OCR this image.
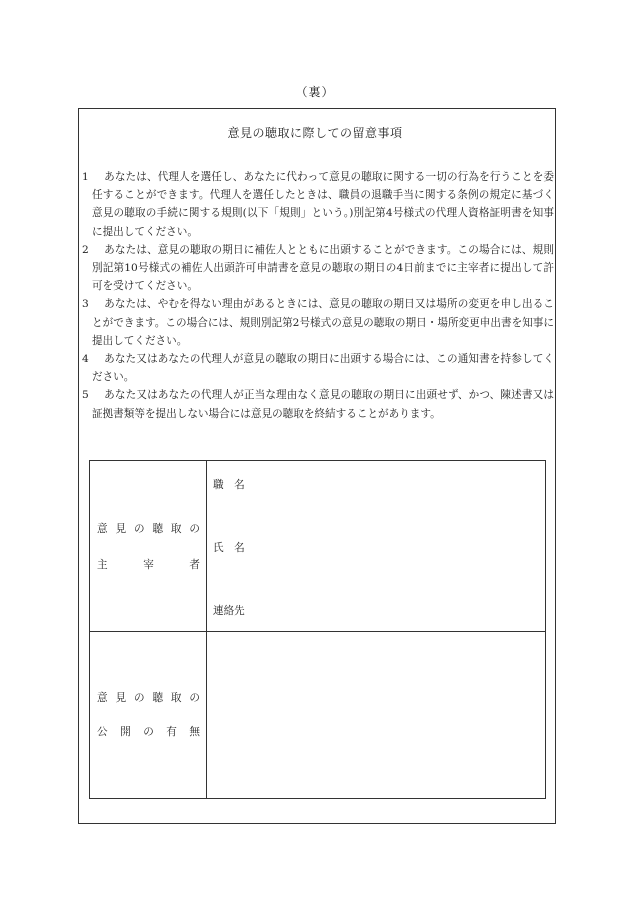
（裏）
意見の聴取に際しての留意事項
1 あなたは、代理人を選任し、あなたに代わって意見の聴取に関する一切の行為を行うことを委任することができます。代理人を選任したときは、職員の退職手当に関する条例の規定に基づく意見の聴取の手続に関する規則(以下「規則」という。)別記第4号様式の代理人資格証明書を知事に提出してください。
2 あなたは、意見の聴取の期日に補佐人とともに出頭することができます。この場合には、規則別記第10号様式の補佐人出頭許可申請書を意見の聴取の期日の4日前までに主宰者に提出して許可を受けてください。
3 あなたは、やむを得ない理由があるときには、意見の聴取の期日又は場所の変更を申し出ることができます。この場合には、規則別記第2号様式の意見の聴取の期日・場所変更申出書を知事に提出してください。
4 あなた又はあなたの代理人が意見の聴取の期日に出頭する場合には、この通知書を持参してください。
5 あなた又はあなたの代理人が正当な理由なく意見の聴取の期日に出頭せず、かつ、陳述書又は証拠書類等を提出しない場合には意見の聴取を終結することがあります。
意見の聴取の
主宰者
職　名
氏　名
連絡先
意見の聴取の
公開の有無
